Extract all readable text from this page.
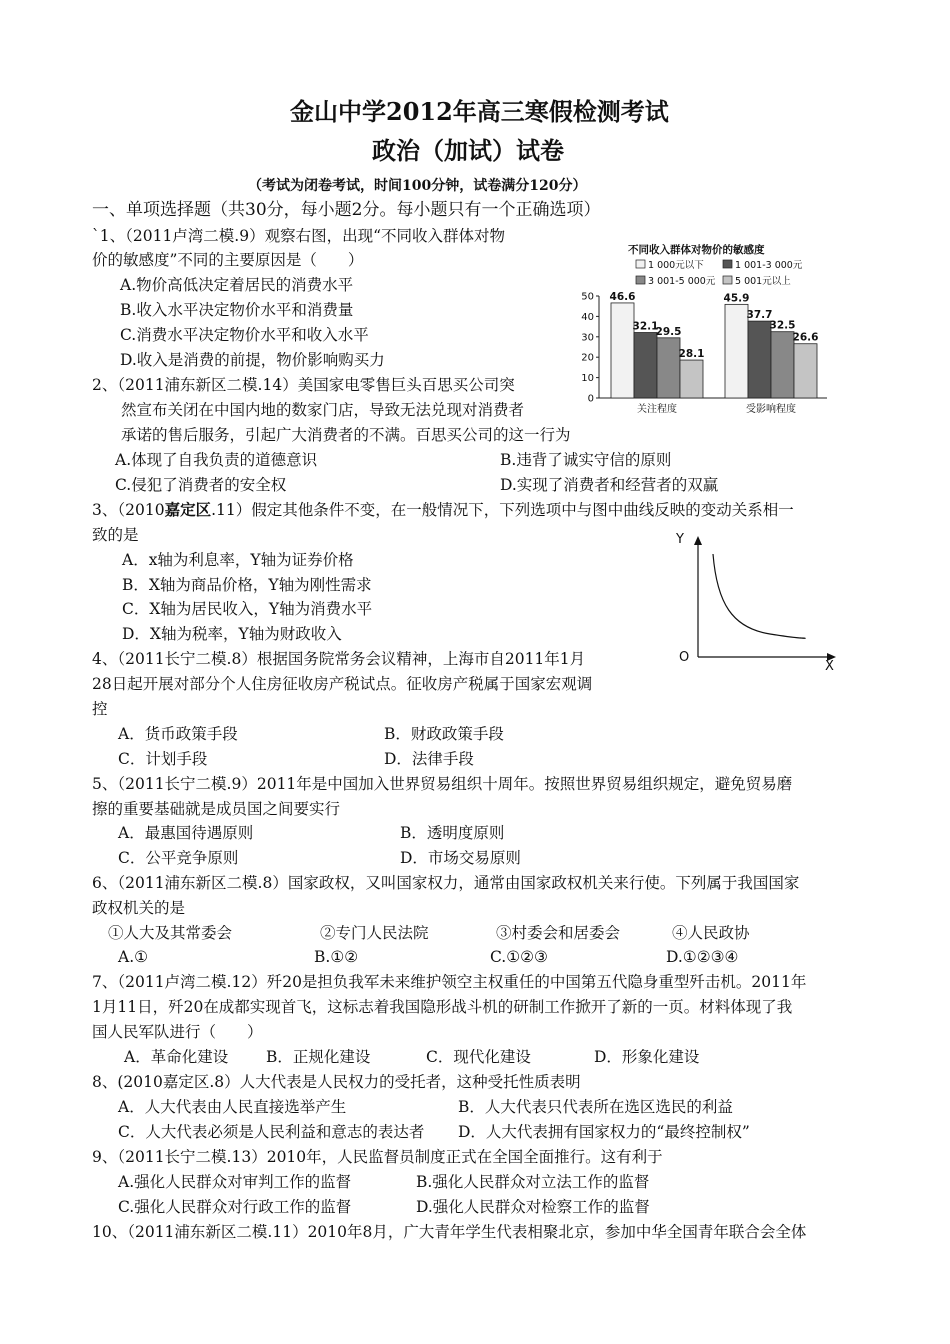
金山中学2012年高三寒假检测考试
政治（加试）试卷
（考试为闭卷考试，时间100分钟，试卷满分120分）
一、单项选择题（共30分，每小题2分。每小题只有一个正确选项）
`1、（2011卢湾二模.9）观察右图，出现“不同收入群体对物
价的敏感度”不同的主要原因是（　　）
A.物价高低决定着居民的消费水平
B.收入水平决定物价水平和消费量
C.消费水平决定物价水平和收入水平
D.收入是消费的前提，物价影响购买力
不同收入群体对物价的敏感度
1 000元以下	1 001-3 000元
3 001-5 000元 5 001元以上
50
40
30
20
10
0
46.6
32.1
29.5
28.1
45.9
37.7
32.5
26.6
关注程度	受影响程度
2、（2011浦东新区二模.14）美国家电零售巨头百思买公司突
然宣布关闭在中国内地的数家门店，导致无法兑现对消费者
承诺的售后服务，引起广大消费者的不满。百思买公司的这一行为
A.体现了自我负责的道德意识	B.违背了诚实守信的原则
C.侵犯了消费者的安全权	D.实现了消费者和经营者的双赢
3、（2010嘉定区.11）假定其他条件不变，在一般情况下，下列选项中与图中曲线反映的变动关系相一
致的是
A．x轴为利息率，Y轴为证券价格
B．X轴为商品价格，Y轴为刚性需求
C．X轴为居民收入，Y轴为消费水平
D．X轴为税率，Y轴为财政收入
Y
X
O
4、（2011长宁二模.8）根据国务院常务会议精神，上海市自2011年1月
28日起开展对部分个人住房征收房产税试点。征收房产税属于国家宏观调
控
A．货币政策手段	B．财政政策手段
C．计划手段	D．法律手段
5、（2011长宁二模.9）2011年是中国加入世界贸易组织十周年。按照世界贸易组织规定，避免贸易磨
擦的重要基础就是成员国之间要实行
A．最惠国待遇原则	B．透明度原则
C．公平竞争原则	D．市场交易原则
6、（2011浦东新区二模.8）国家政权，又叫国家权力，通常由国家政权机关来行使。下列属于我国国家
政权机关的是
①人大及其常委会	②专门人民法院	③村委会和居委会	④人民政协
A.①	B.①②	C.①②③	D.①②③④
7、（2011卢湾二模.12）歼20是担负我军未来维护领空主权重任的中国第五代隐身重型歼击机。2011年
1月11日，歼20在成都实现首飞，这标志着我国隐形战斗机的研制工作掀开了新的一页。材料体现了我
国人民军队进行（　　）
A．革命化建设 B．正规化建设	C．现代化建设	D．形象化建设
8、(2010嘉定区.8）人大代表是人民权力的受托者，这种受托性质表明
A．人大代表由人民直接选举产生	B．人大代表只代表所在选区选民的利益
C．人大代表必须是人民利益和意志的表达者 D．人大代表拥有国家权力的“最终控制权”
9、（2011长宁二模.13）2010年，人民监督员制度正式在全国全面推行。这有利于
A.强化人民群众对审判工作的监督	B.强化人民群众对立法工作的监督
C.强化人民群众对行政工作的监督	D.强化人民群众对检察工作的监督
10、（2011浦东新区二模.11）2010年8月，广大青年学生代表相聚北京，参加中华全国青年联合会全体
